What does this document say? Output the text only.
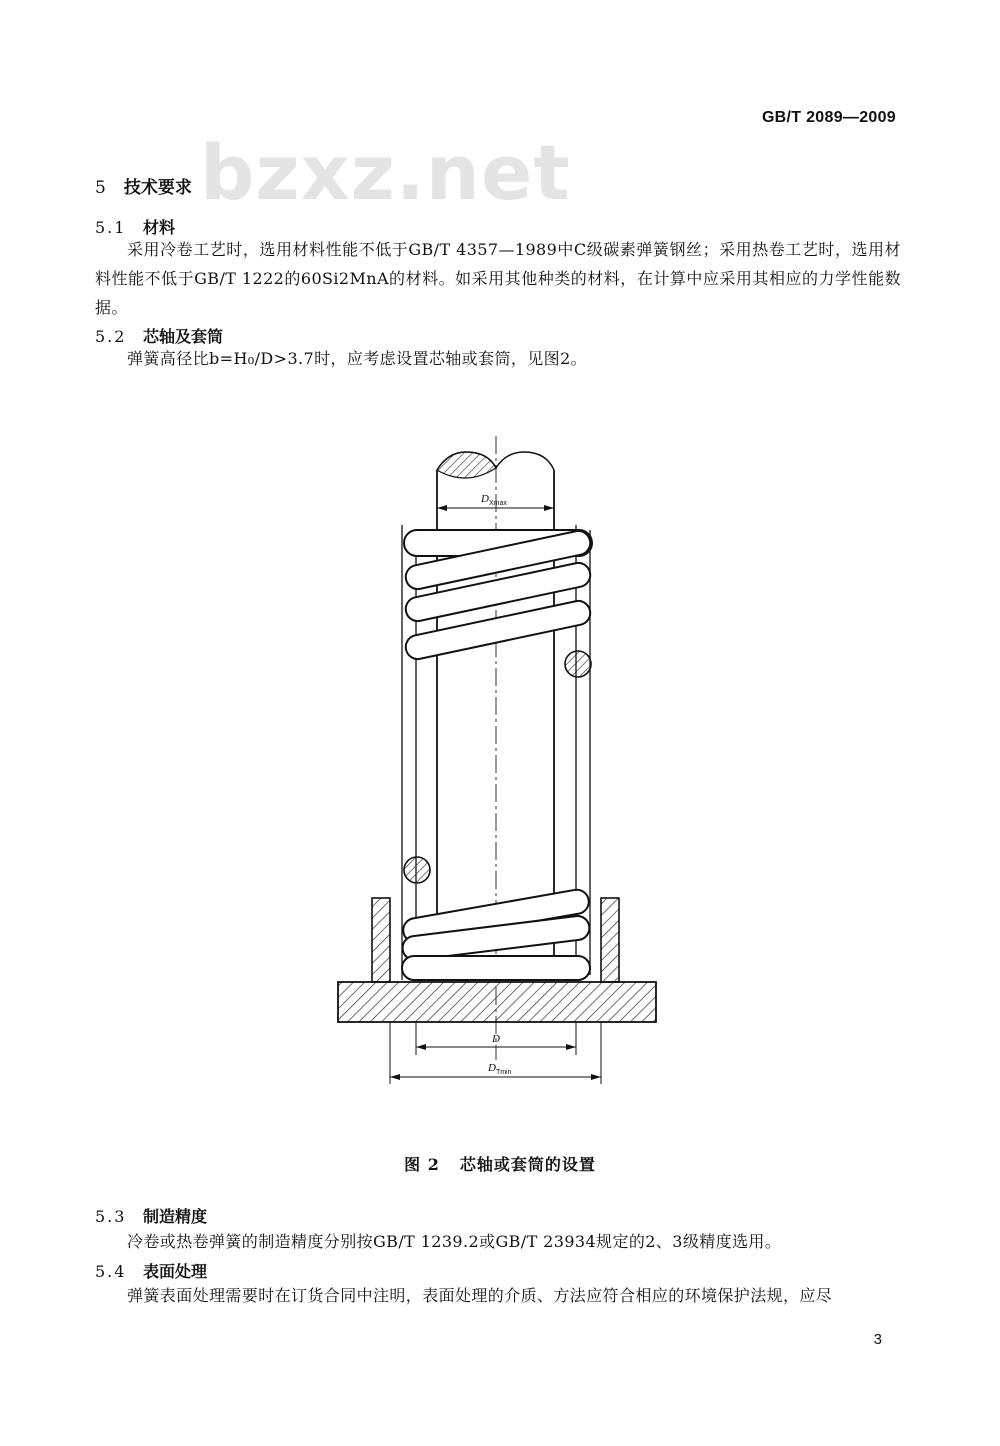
GB/T 2089—2009
bzxz.net
5 技术要求
5.1 材料
采用冷卷工艺时，选用材料性能不低于GB/T 4357—1989中C级碳素弹簧钢丝；采用热卷工艺时，选用材料性能不低于GB/T 1222的60Si2MnA的材料。如采用其他种类的材料，在计算中应采用其相应的力学性能数据。
5.2 芯轴及套筒
弹簧高径比b=H₀/D>3.7时，应考虑设置芯轴或套筒，见图2。
$D_{Xmax}$
D
$D_{Tmin}$
图 2 芯轴或套筒的设置
5.3 制造精度
冷卷或热卷弹簧的制造精度分别按GB/T 1239.2或GB/T 23934规定的2、3级精度选用。
5.4 表面处理
弹簧表面处理需要时在订货合同中注明，表面处理的介质、方法应符合相应的环境保护法规，应尽
3
